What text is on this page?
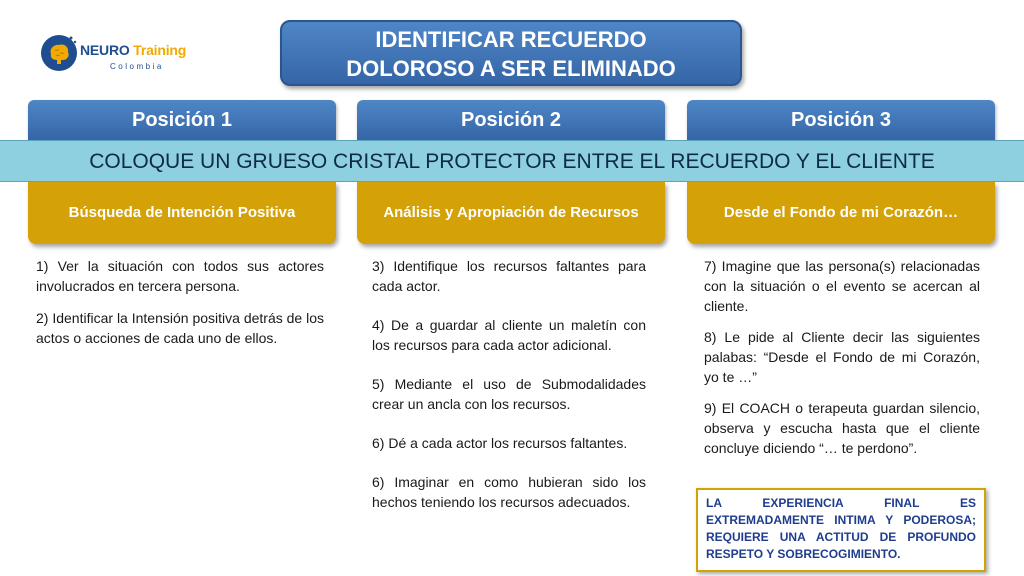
NEURO Training
Colombia
IDENTIFICAR RECUERDO
DOLOROSO A SER ELIMINADO
Posición 1	Posición 2	Posición 3
Búsqueda de Intención Positiva	Análisis y Apropiación de Recursos	Desde el Fondo de mi Corazón…
COLOQUE UN GRUESO CRISTAL PROTECTOR ENTRE EL RECUERDO Y EL CLIENTE

1) Ver la situación con todos sus actores involucrados en tercera persona.

2) Identificar la Intensión positiva detrás de los actos o acciones de cada uno de ellos.

3) Identifique los recursos faltantes para cada actor.

4) De a guardar al cliente un maletín con los recursos para cada actor adicional.

5) Mediante el uso de Submodalidades crear un ancla con los recursos.

6) Dé a cada actor los recursos faltantes.

6) Imaginar en como hubieran sido los hechos teniendo los recursos adecuados.

7) Imagine que las persona(s) relacionadas con la situación o el evento se acercan al cliente.

8) Le pide al Cliente decir las siguientes palabas: “Desde el Fondo de mi Corazón, yo te …”

9) El COACH o terapeuta guardan silencio, observa y escucha hasta que el cliente concluye diciendo “… te perdono”.

LA EXPERIENCIA FINAL ES EXTREMADAMENTE INTIMA Y PODEROSA; REQUIERE UNA ACTITUD DE PROFUNDO RESPETO Y SOBRECOGIMIENTO.
